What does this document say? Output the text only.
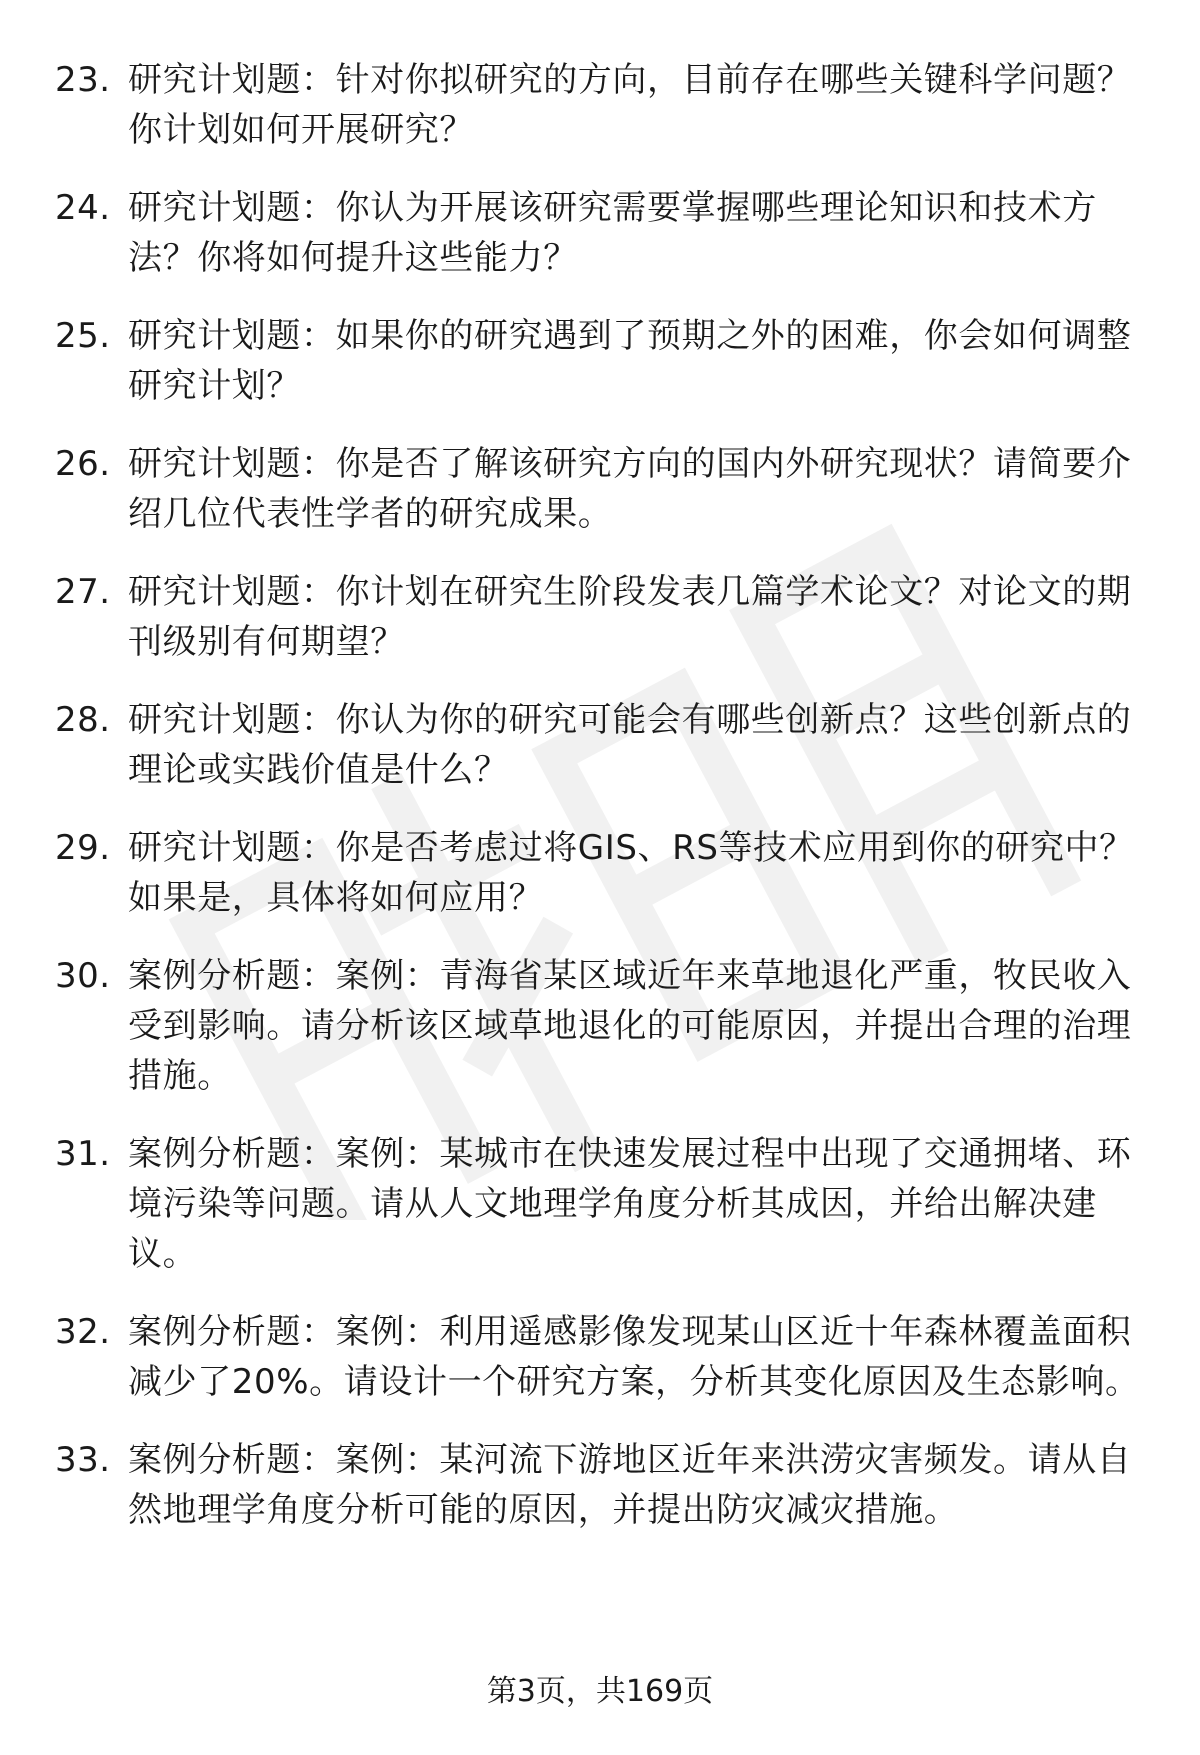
23. 研究计划题：针对你拟研究的方向，目前存在哪些关键科学问题？你计划如何开展研究？
24. 研究计划题：你认为开展该研究需要掌握哪些理论知识和技术方法？你将如何提升这些能力？
25. 研究计划题：如果你的研究遇到了预期之外的困难，你会如何调整研究计划？
26. 研究计划题：你是否了解该研究方向的国内外研究现状？请简要介绍几位代表性学者的研究成果。
27. 研究计划题：你计划在研究生阶段发表几篇学术论文？对论文的期刊级别有何期望？
28. 研究计划题：你认为你的研究可能会有哪些创新点？这些创新点的理论或实践价值是什么？
29. 研究计划题：你是否考虑过将GIS、RS等技术应用到你的研究中？如果是，具体将如何应用？
30. 案例分析题：案例：青海省某区域近年来草地退化严重，牧民收入受到影响。请分析该区域草地退化的可能原因，并提出合理的治理措施。
31. 案例分析题：案例：某城市在快速发展过程中出现了交通拥堵、环境污染等问题。请从人文地理学角度分析其成因，并给出解决建议。
32. 案例分析题：案例：利用遥感影像发现某山区近十年森林覆盖面积减少了20%。请设计一个研究方案，分析其变化原因及生态影响。
33. 案例分析题：案例：某河流下游地区近年来洪涝灾害频发。请从自然地理学角度分析可能的原因，并提出防灾减灾措施。
第3页，共169页
